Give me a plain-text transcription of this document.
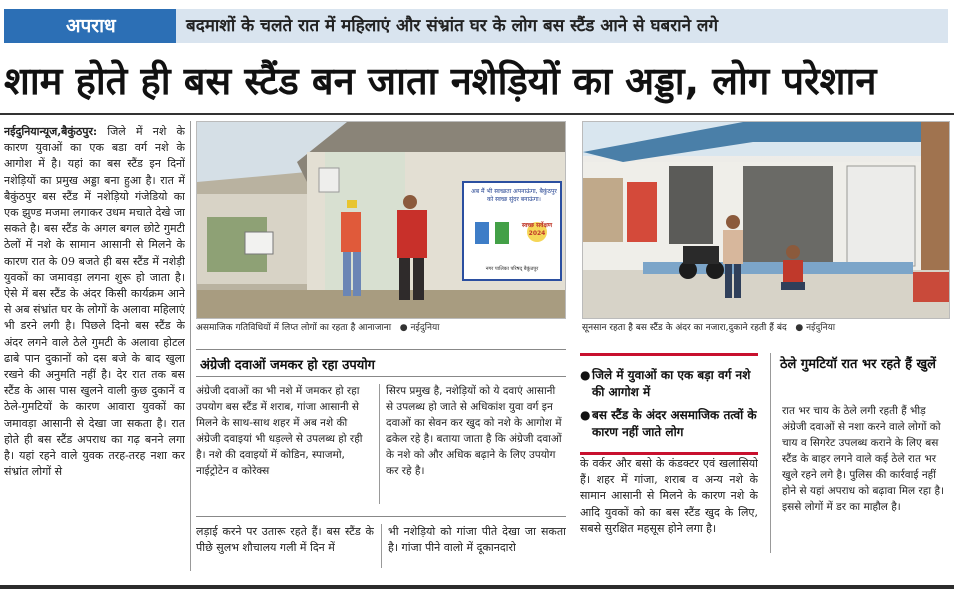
अपराध	बदमाशों के चलते रात में महिलाएं और संभ्रांत घर के लोग बस स्टैंड आने से घबराने लगे
शाम होते ही बस स्टैंड बन जाता नशेड़ियों का अड्डा, लोग परेशान
नईदुनियान्यूज,बैकुंठपुर: जिले में नशे के कारण युवाओं का एक बडा वर्ग नशे के आगोश में है। यहां का बस स्टैंड इन दिनों नशेड़ियों का प्रमुख अड्डा बना हुआ है। रात में बैकुंठपुर बस स्टैंड में नशेड़ियो गंजेडियो का एक झुण्ड मजमा लगाकर उधम मचाते देखे जा सकते है। बस स्टैंड के अगल बगल छोटे गुमटी ठेलों में नशे के सामान आसानी से मिलने के कारण रात के 09 बजते ही बस स्टैंड में नशेड़ी युवकों का जमावड़ा लगना शुरू हो जाता है। ऐसे में बस स्टैंड के अंदर किसी कार्यक्रम आने से अब संभ्रांत घर के लोगों के अलावा महिलाएं भी डरने लगी है। पिछले दिनो बस स्टैंड के अंदर लगने वाले ठेले गुमटी के अलावा होटल ढाबे पान दुकानों को दस बजे के बाद खुला रखने की अनुमति नहीं है। देर रात तक बस स्टैंड के आस पास खुलने वाली कुछ दुकानें व ठेले-गुमटियों के कारण आवारा युवकों का जमावड़ा आसानी से देखा जा सकता है। रात होते ही बस स्टैंड अपराध का गढ़ बनने लगा है। यहां रहने वाले युवक तरह-तरह नशा कर संभ्रांत लोगों से
अब मैं भी स्वच्छता अपनाऊंगा, बैकुंठपुर को स्वच्छ सुंदर बनाऊंगा।
स्वच्छ सर्वेक्षण 2024
नगर पालिका परिषद् बैकुंठपुर
असमाजिक गतिविधियों में लिप्त लोगों का रहता है आनाजाना   ● नईदुनिया	सूनसान रहता है बस स्टैंड के अंदर का नजारा,दुकाने रहती हैं बंद   ● नईदुनिया
अंग्रेजी दवाओं जमकर हो रहा उपयोग
अंग्रेजी दवाओं का भी नशे में जमकर हो रहा उपयोग बस स्टैंड में शराब, गांजा आसानी से मिलने के साथ-साथ शहर में अब नशे की अंग्रेजी दवाइयां भी धड़ल्ले से उपलब्ध हो रही है। नशे की दवाइयों में कोडिन, स्पाजमो, नाईट्रोटेन व कोरेक्स
सिरप प्रमुख है, नशेड़ियों को ये दवाएं आसानी से उपलब्ध हो जाते से अधिकांश युवा वर्ग इन दवाओं का सेवन कर खुद को नशे के आगोश में ढकेल रहे है। बताया जाता है कि अंग्रेजी दवाओं के नशे को और अधिक बढ़ाने के लिए उपयोग कर रहे है।
लड़ाई करने पर उतारू रहते हैं। बस स्टैंड के पीछे सुलभ शौचालय गली में दिन में
भी नशेड़ियो को गांजा पीते देखा जा सकता है। गांजा पीने वालो में दूकानदारो
● जिले में युवाओं का एक बड़ा वर्ग नशे की आगोश में
● बस स्टैंड के अंदर असमाजिक तत्वों के कारण नहीं जाते लोग
के वर्कर और बसो के कंडक्टर एवं खलासियो हैं। शहर में गांजा, शराब व अन्य नशे के सामान आसानी से मिलने के कारण नशे के आदि युवकों को का बस स्टैंड खुद के लिए, सबसे सुरक्षित महसूस होने लगा है।
ठेले गुमटियॉ रात भर रहते हैं खुलें
रात भर चाय के ठेले लगी रहती हैं भीड़ अंग्रेजी दवाओं से नशा करने वाले लोगों को चाय व सिगरेट उपलब्ध कराने के लिए बस स्टैंड के बाहर लगने वाले कई ठेले रात भर खुले रहने लगे है। पुलिस की कार्रवाई नहीं होने से यहां अपराध को बढ़ावा मिल रहा है। इससे लोगों में डर का माहौल है।
